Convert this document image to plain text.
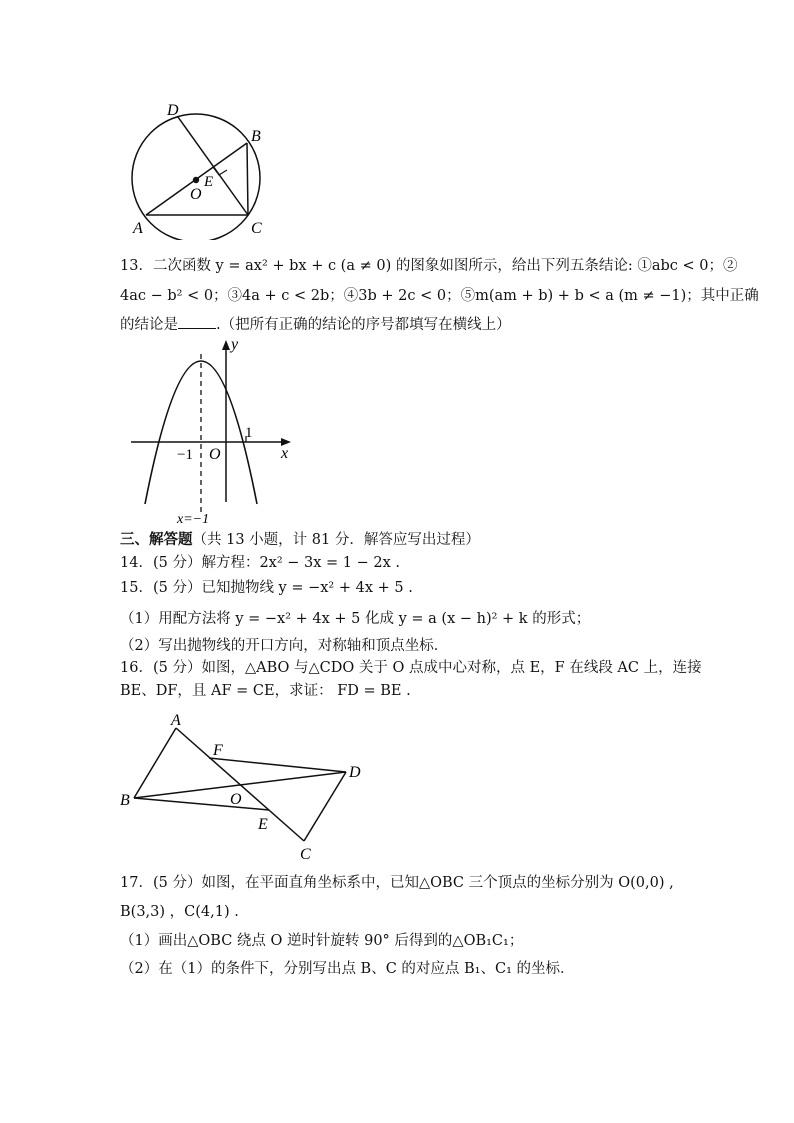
D
B
E
O
A	C
13．二次函数 y = ax² + bx + c (a ≠ 0) 的图象如图所示，给出下列五条结论: ①abc < 0；②
4ac − b² < 0；③4a + c < 2b；④3b + 2c < 0；⑤m(am + b) + b < a (m ≠ −1)；其中正确
的结论是	.（把所有正确的结论的序号都填写在横线上）
y
x
O
−1
1
x=−1
三、解答题（共 13 小题，计 81 分．解答应写出过程）
14．(5 分）解方程：2x² − 3x = 1 − 2x .
15．(5 分）已知抛物线 y = −x² + 4x + 5 .
（1）用配方法将 y = −x² + 4x + 5 化成 y = a (x − h)² + k 的形式；
（2）写出抛物线的开口方向，对称轴和顶点坐标．
16．(5 分）如图，△ABO 与△CDO 关于 O 点成中心对称，点 E，F 在线段 AC 上，连接
BE、DF，且 AF = CE，求证： FD = BE .
A
F
D
B	O
E
C
17．(5 分）如图，在平面直角坐标系中，已知△OBC 三个顶点的坐标分别为 O(0,0) ,
B(3,3) ，C(4,1) .
（1）画出△OBC 绕点 O 逆时针旋转 90° 后得到的△OB₁C₁；
（2）在（1）的条件下，分别写出点 B、C 的对应点 B₁、C₁ 的坐标．
